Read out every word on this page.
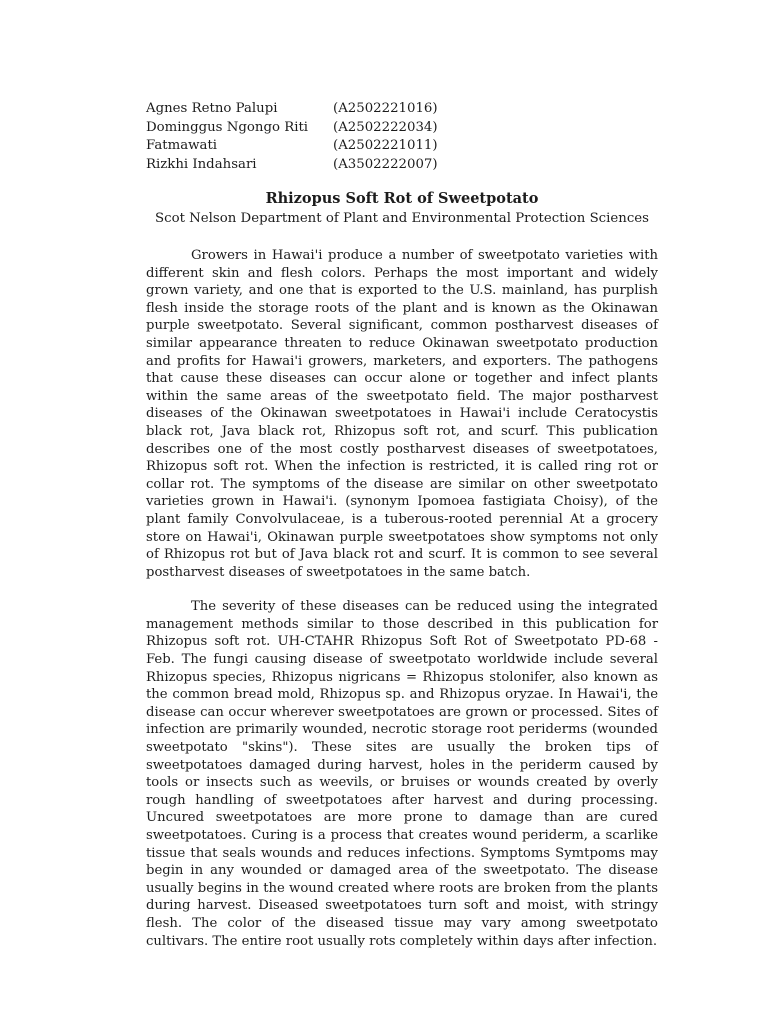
Agnes Retno Palupi	(A2502221016)
Dominggus Ngongo Riti	(A2502222034)
Fatmawati	(A2502221011)
Rizkhi Indahsari	(A3502222007)
Rhizopus Soft Rot of Sweetpotato
Scot Nelson Department of Plant and Environmental Protection Sciences

Growers in Hawai'i produce a number of sweetpotato varieties with different skin and flesh colors. Perhaps the most important and widely grown variety, and one that is exported to the U.S. mainland, has purplish flesh inside the storage roots of the plant and is known as the Okinawan purple sweetpotato. Several significant, common postharvest diseases of similar appearance threaten to reduce Okinawan sweetpotato production and profits for Hawai'i growers, marketers, and exporters. The pathogens that cause these diseases can occur alone or together and infect plants within the same areas of the sweetpotato field. The major postharvest diseases of the Okinawan sweetpotatoes in Hawai'i include Ceratocystis black rot, Java black rot, Rhizopus soft rot, and scurf. This publication describes one of the most costly postharvest diseases of sweetpotatoes, Rhizopus soft rot. When the infection is restricted, it is called ring rot or collar rot. The symptoms of the disease are similar on other sweetpotato varieties grown in Hawai'i. (synonym Ipomoea fastigiata Choisy), of the plant family Convolvulaceae, is a tuberous-rooted perennial At a grocery store on Hawai'i, Okinawan purple sweetpotatoes show symptoms not only of Rhizopus rot but of Java black rot and scurf. It is common to see several postharvest diseases of sweetpotatoes in the same batch.

The severity of these diseases can be reduced using the integrated management methods similar to those described in this publication for Rhizopus soft rot. UH-CTAHR Rhizopus Soft Rot of Sweetpotato PD-68 - Feb. The fungi causing disease of sweetpotato worldwide include several Rhizopus species, Rhizopus nigricans = Rhizopus stolonifer, also known as the common bread mold, Rhizopus sp. and Rhizopus oryzae. In Hawai'i, the disease can occur wherever sweetpotatoes are grown or processed. Sites of infection are primarily wounded, necrotic storage root periderms (wounded sweetpotato "skins"). These sites are usually the broken tips of sweetpotatoes damaged during harvest, holes in the periderm caused by tools or insects such as weevils, or bruises or wounds created by overly rough handling of sweetpotatoes after harvest and during processing. Uncured sweetpotatoes are more prone to damage than are cured sweetpotatoes. Curing is a process that creates wound periderm, a scarlike tissue that seals wounds and reduces infections. Symptoms Symtpoms may begin in any wounded or damaged area of the sweetpotato. The disease usually begins in the wound created where roots are broken from the plants during harvest. Diseased sweetpotatoes turn soft and moist, with stringy flesh. The color of the diseased tissue may vary among sweetpotato cultivars. The entire root usually rots completely within days after infection.
